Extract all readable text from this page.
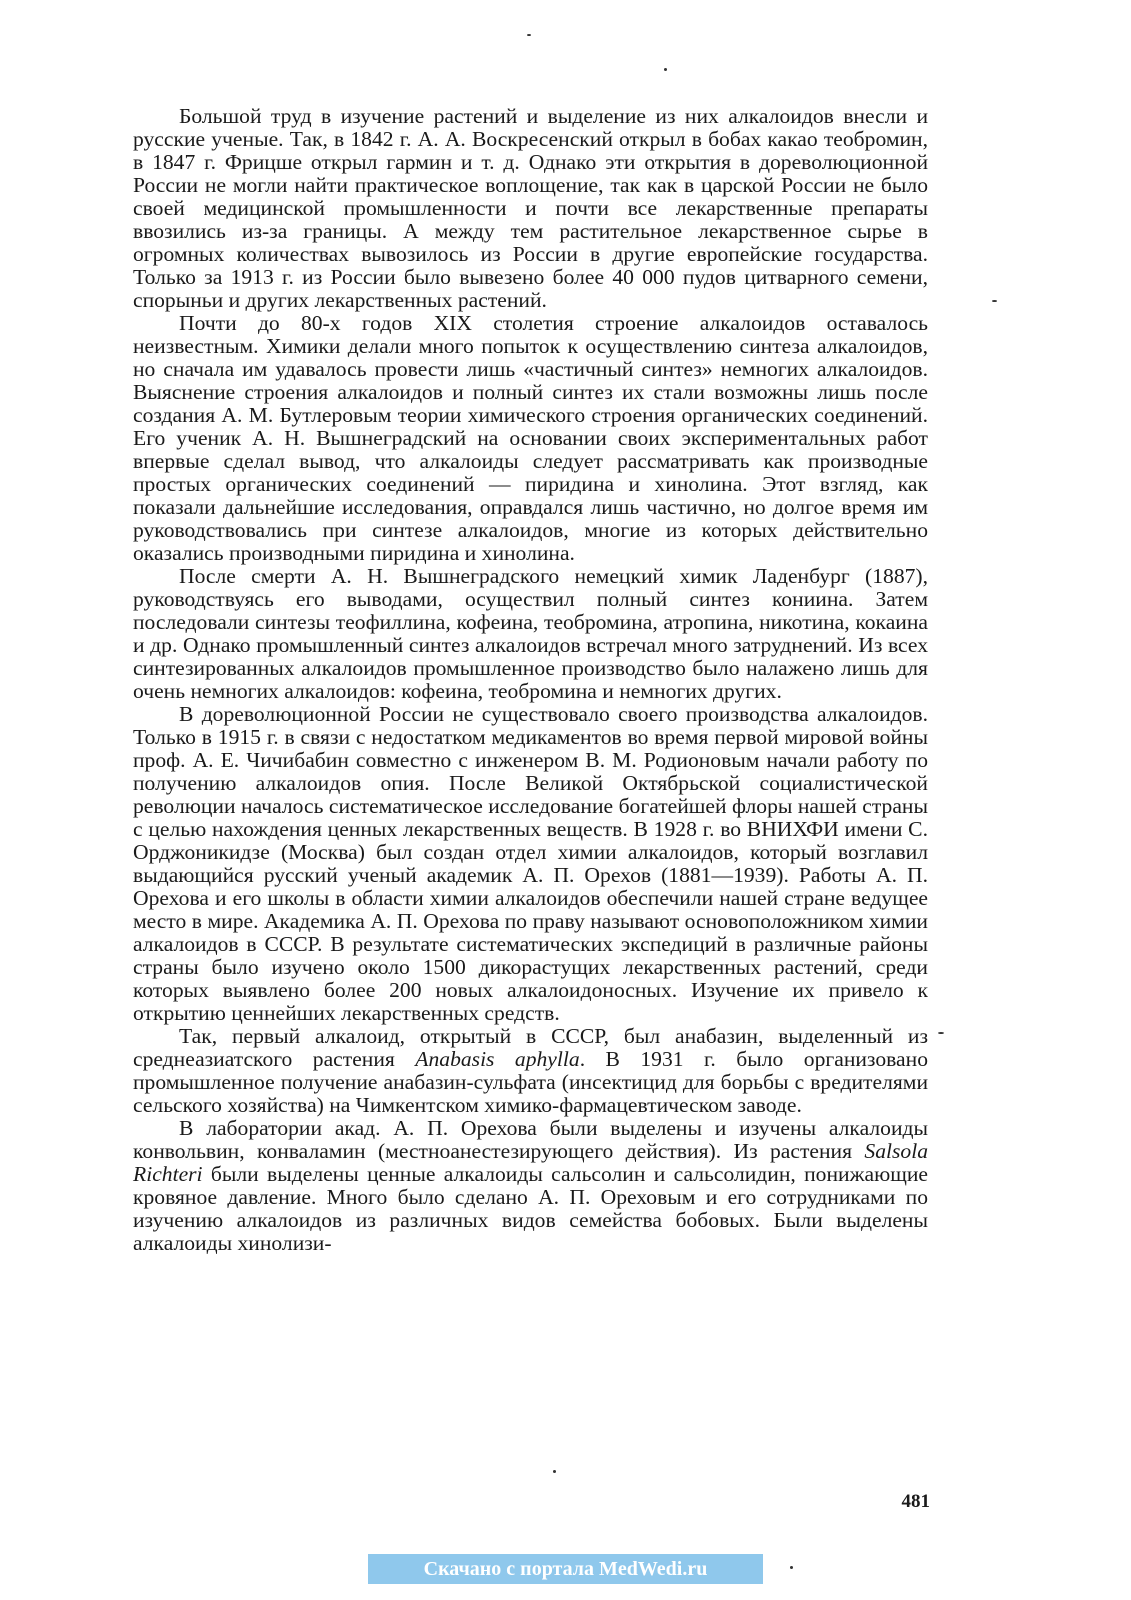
Большой труд в изучение растений и выделение из них алкалоидов внесли и русские ученые. Так, в 1842 г. А. А. Воскресенский открыл в бобах какао теобромин, в 1847 г. Фрицше открыл гармин и т. д. Однако эти открытия в дореволюционной России не могли найти практическое воплощение, так как в царской России не было своей медицинской промышленности и почти все лекарственные препараты ввозились из-за границы. А между тем растительное лекарственное сырье в огромных количествах вывозилось из России в другие европейские государства. Только за 1913 г. из России было вывезено более 40 000 пудов цитварного семени, спорыньи и других лекарственных растений.

Почти до 80-х годов XIX столетия строение алкалоидов оставалось неизвестным. Химики делали много попыток к осуществлению синтеза алкалоидов, но сначала им удавалось провести лишь «частичный синтез» немногих алкалоидов. Выяснение строения алкалоидов и полный синтез их стали возможны лишь после создания А. М. Бутлеровым теории химического строения органических соединений. Его ученик А. Н. Вышнеградский на основании своих экспериментальных работ впервые сделал вывод, что алкалоиды следует рассматривать как производные простых органических соединений — пиридина и хинолина. Этот взгляд, как показали дальнейшие исследования, оправдался лишь частично, но долгое время им руководствовались при синтезе алкалоидов, многие из которых действительно оказались производными пиридина и хинолина.

После смерти А. Н. Вышнеградского немецкий химик Ладенбург (1887), руководствуясь его выводами, осуществил полный синтез кониина. Затем последовали синтезы теофиллина, кофеина, теобромина, атропина, никотина, кокаина и др. Однако промышленный синтез алкалоидов встречал много затруднений. Из всех синтезированных алкалоидов промышленное производство было налажено лишь для очень немногих алкалоидов: кофеина, теобромина и немногих других.

В дореволюционной России не существовало своего производства алкалоидов. Только в 1915 г. в связи с недостатком медикаментов во время первой мировой войны проф. А. Е. Чичибабин совместно с инженером В. М. Родионовым начали работу по получению алкалоидов опия. После Великой Октябрьской социалистической революции началось систематическое исследование богатейшей флоры нашей страны с целью нахождения ценных лекарственных веществ. В 1928 г. во ВНИХФИ имени С. Орджоникидзе (Москва) был создан отдел химии алкалоидов, который возглавил выдающийся русский ученый академик А. П. Орехов (1881—1939). Работы А. П. Орехова и его школы в области химии алкалоидов обеспечили нашей стране ведущее место в мире. Академика А. П. Орехова по праву называют основоположником химии алкалоидов в СССР. В результате систематических экспедиций в различные районы страны было изучено около 1500 дикорастущих лекарственных растений, среди которых выявлено более 200 новых алкалоидоносных. Изучение их привело к открытию ценнейших лекарственных средств.

Так, первый алкалоид, открытый в СССР, был анабазин, выделенный из среднеазиатского растения Anabasis aphylla. В 1931 г. было организовано промышленное получение анабазин-сульфата (инсектицид для борьбы с вредителями сельского хозяйства) на Чимкентском химико-фармацевтическом заводе.

В лаборатории акад. А. П. Орехова были выделены и изучены алкалоиды конвольвин, конваламин (местноанестезирующего действия). Из растения Salsola Richteri были выделены ценные алкалоиды сальсолин и сальсолидин, понижающие кровяное давление. Много было сделано А. П. Ореховым и его сотрудниками по изучению алкалоидов из различных видов семейства бобовых. Были выделены алкалоиды хинолизи-

481
Скачано с портала MedWedi.ru
